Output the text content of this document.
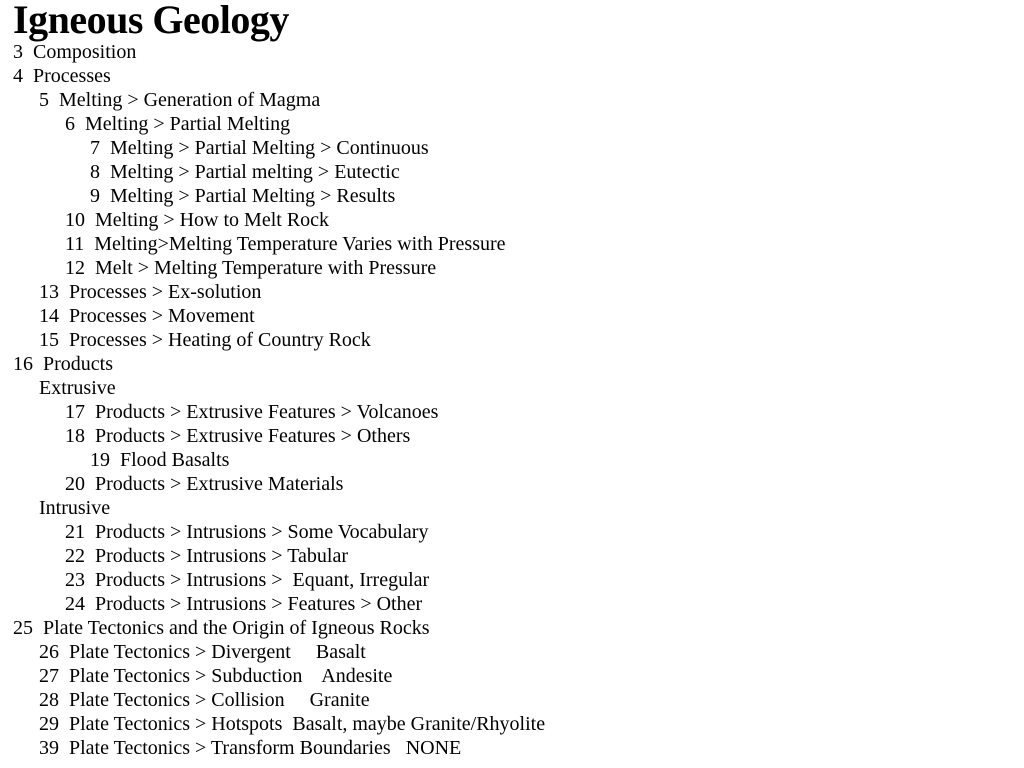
Igneous Geology
3  Composition
4  Processes
5  Melting > Generation of Magma
6  Melting > Partial Melting
7  Melting > Partial Melting > Continuous
8  Melting > Partial melting > Eutectic
9  Melting > Partial Melting > Results
10  Melting > How to Melt Rock
11  Melting>Melting Temperature Varies with Pressure
12  Melt > Melting Temperature with Pressure
13  Processes > Ex-solution
14  Processes > Movement
15  Processes > Heating of Country Rock
16  Products
Extrusive
17  Products > Extrusive Features > Volcanoes
18  Products > Extrusive Features > Others
19  Flood Basalts
20  Products > Extrusive Materials
Intrusive
21  Products > Intrusions > Some Vocabulary
22  Products > Intrusions > Tabular
23  Products > Intrusions >  Equant, Irregular
24  Products > Intrusions > Features > Other
25  Plate Tectonics and the Origin of Igneous Rocks
26  Plate Tectonics > Divergent     Basalt
27  Plate Tectonics > Subduction    Andesite
28  Plate Tectonics > Collision     Granite
29  Plate Tectonics > Hotspots  Basalt, maybe Granite/Rhyolite
39  Plate Tectonics > Transform Boundaries   NONE
